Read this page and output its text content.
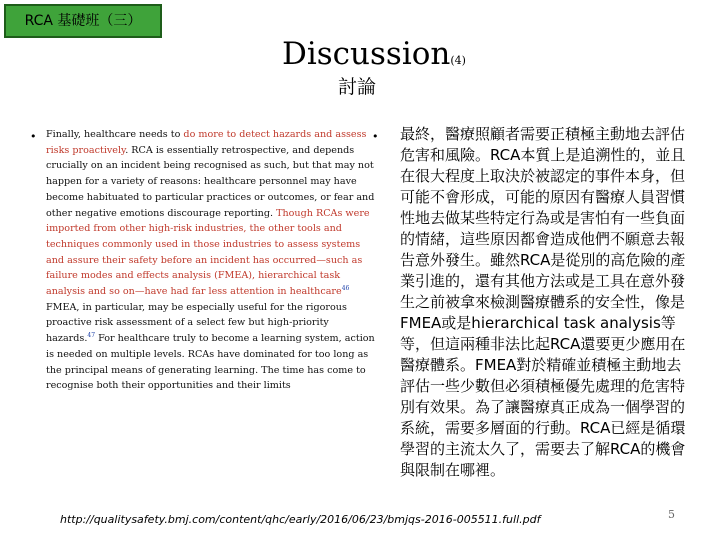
RCA 基礎班（三）
Discussion(4)
討論
•	•
Finally, healthcare needs to do more to detect hazards and assess risks proactively. RCA is essentially retrospective, and depends crucially on an incident being recognised as such, but that may not happen for a variety of reasons: healthcare personnel may have become habituated to particular practices or outcomes, or fear and other negative emotions discourage reporting. Though RCAs were imported from other high-risk industries, the other tools and techniques commonly used in those industries to assess systems and assure their safety before an incident has occurred—such as failure modes and effects analysis (FMEA), hierarchical task analysis and so on—have had far less attention in healthcare$^{46}$ FMEA, in particular, may be especially useful for the rigorous proactive risk assessment of a select few but high-priority hazards.$^{47}$ For healthcare truly to become a learning system, action is needed on multiple levels. RCAs have dominated for too long as the principal means of generating learning. The time has come to recognise both their opportunities and their limits
最終，醫療照顧者需要正積極主動地去評估危害和風險。RCA本質上是追溯性的，並且在很大程度上取決於被認定的事件本身，但可能不會形成，可能的原因有醫療人員習慣性地去做某些特定行為或是害怕有一些負面的情緒，這些原因都會造成他們不願意去報告意外發生。雖然RCA是從別的高危險的產業引進的，還有其他方法或是工具在意外發生之前被拿來檢測醫療體系的安全性，像是FMEA或是hierarchical task analysis等等，但這兩種非法比起RCA還要更少應用在醫療體系。FMEA對於精確並積極主動地去評估一些少數但必須積極優先處理的危害特別有效果。為了讓醫療真正成為一個學習的系統，需要多層面的行動。RCA已經是循環學習的主流太久了，需要去了解RCA的機會與限制在哪裡。
http://qualitysafety.bmj.com/content/qhc/early/2016/06/23/bmjqs-2016-005511.full.pdf	5
